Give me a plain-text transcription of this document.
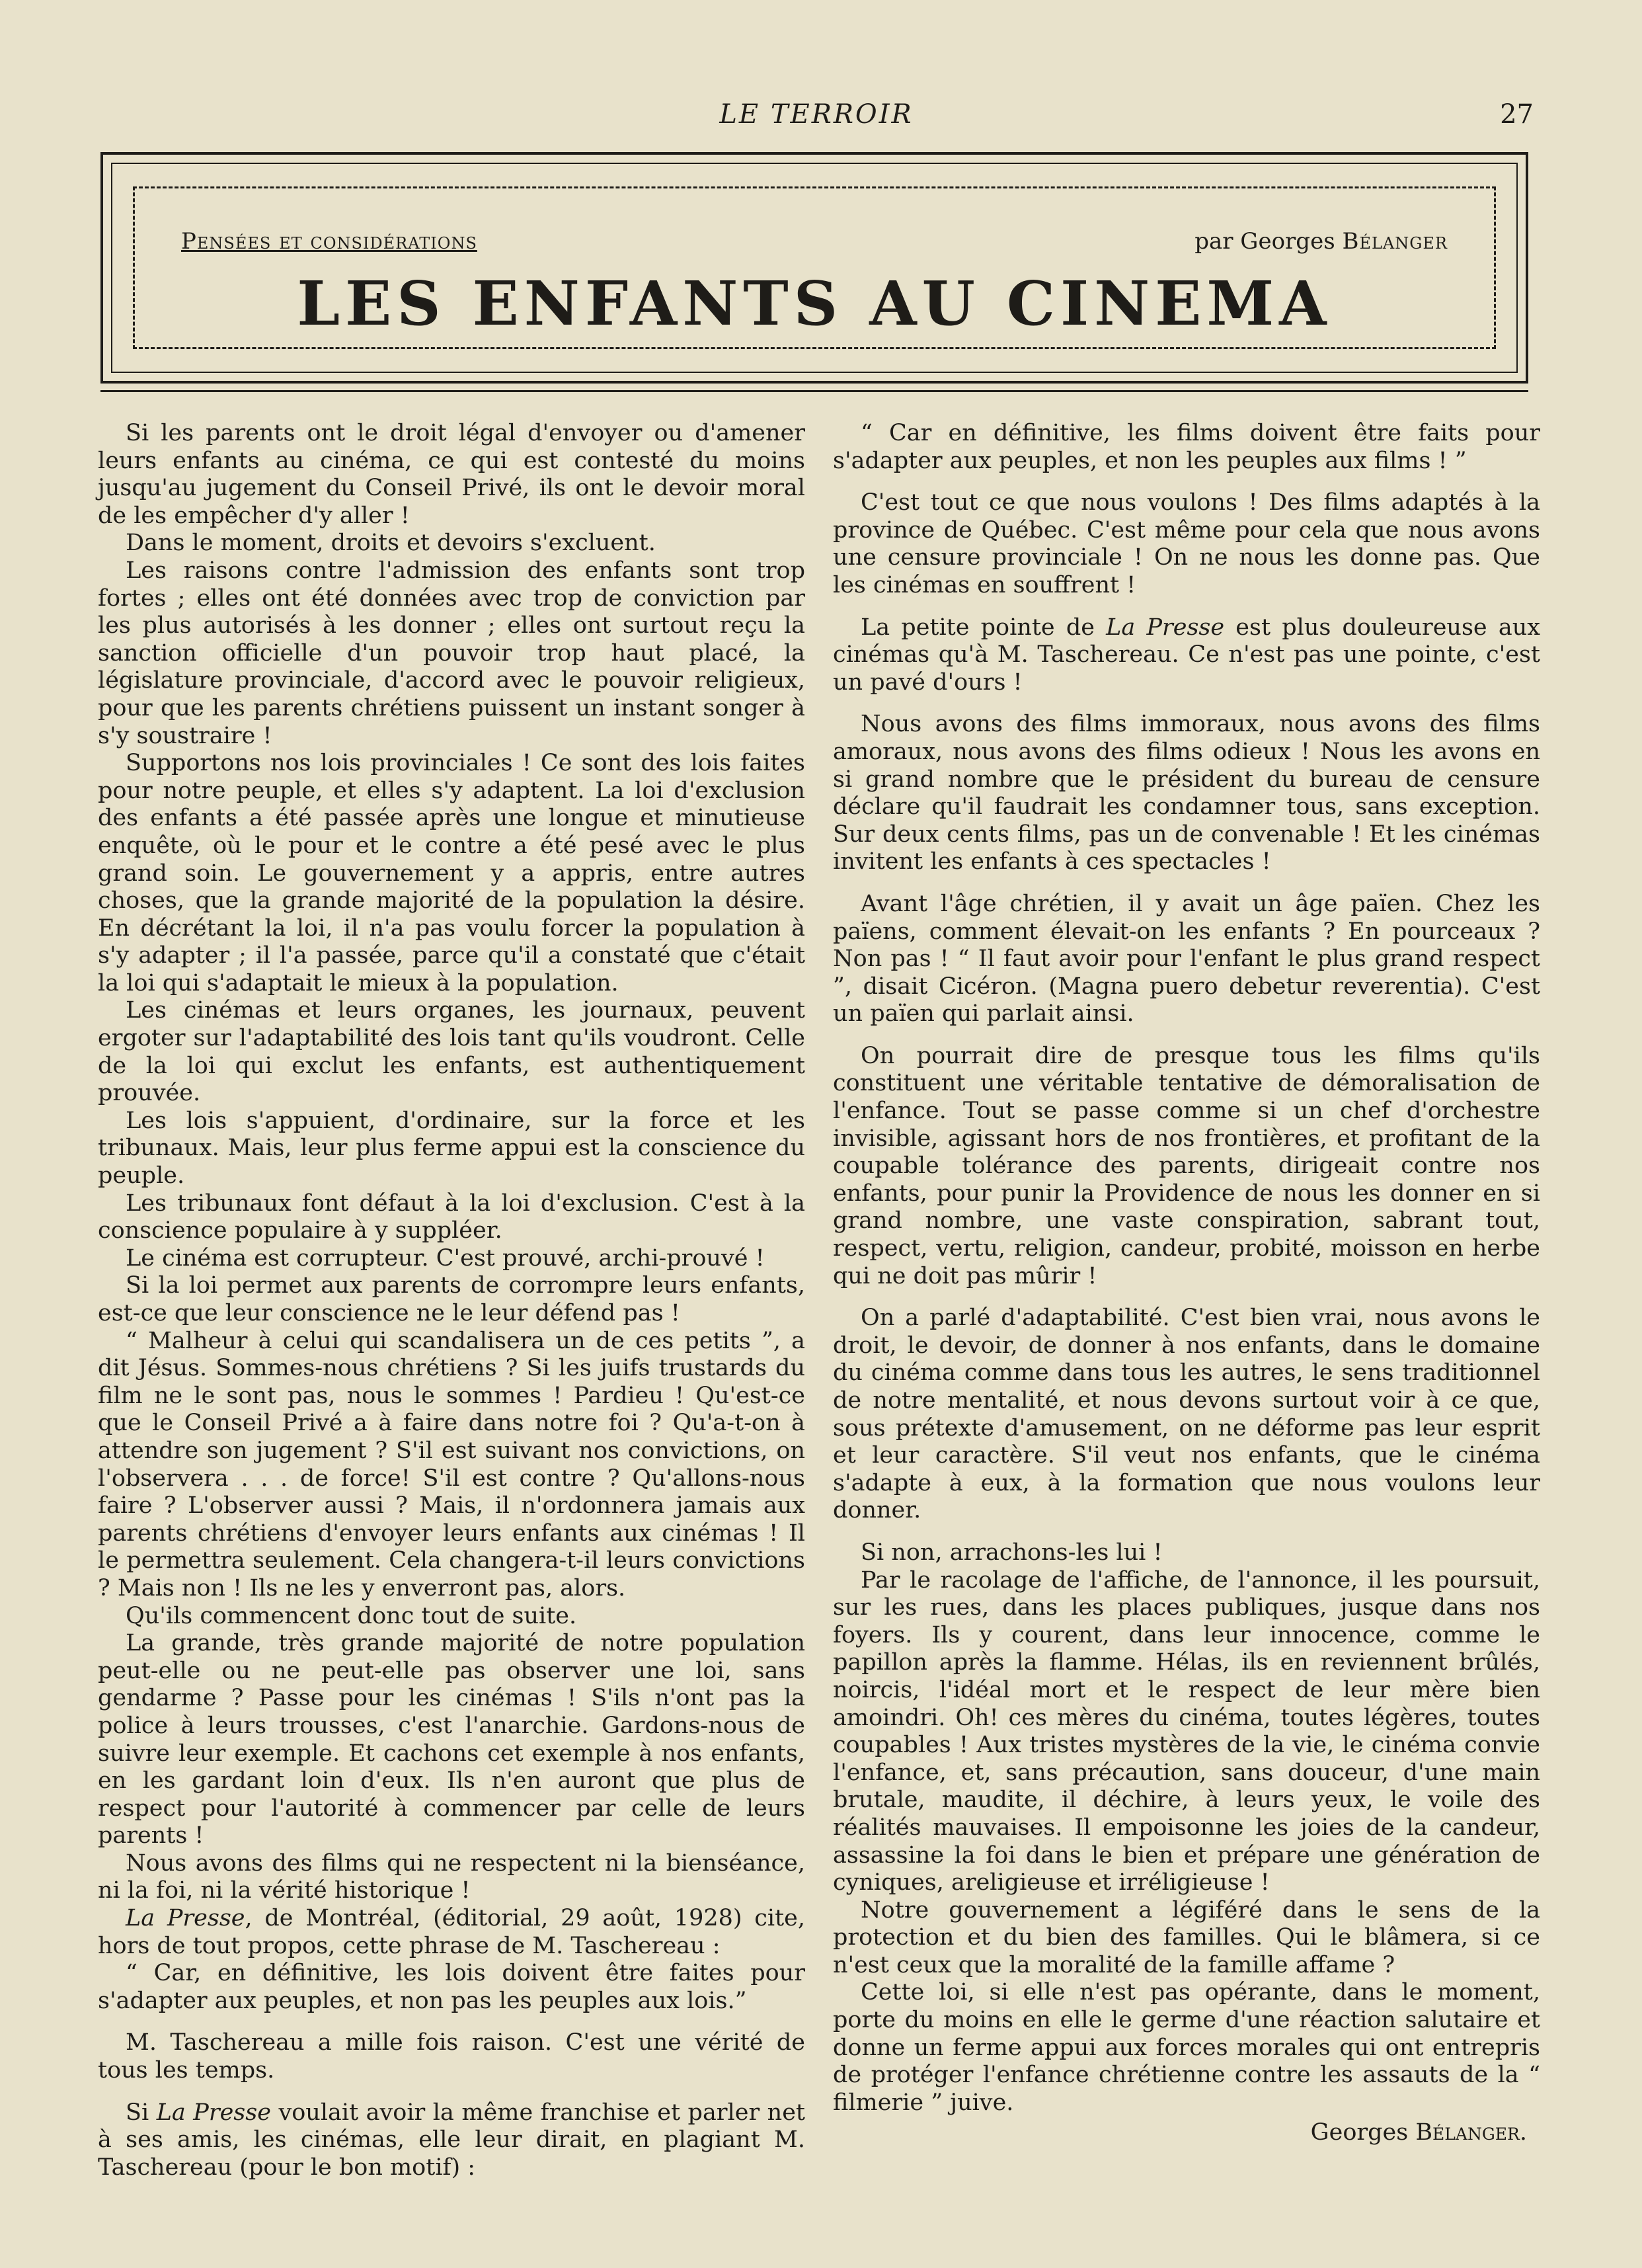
LE TERROIR	27
Pensées et considérations	par Georges Bélanger
LES ENFANTS AU CINEMA

Si les parents ont le droit légal d'envoyer ou d'amener leurs enfants au cinéma, ce qui est contesté du moins jusqu'au jugement du Conseil Privé, ils ont le devoir moral de les empêcher d'y aller !

Dans le moment, droits et devoirs s'excluent.

Les raisons contre l'admission des enfants sont trop fortes ; elles ont été données avec trop de conviction par les plus autorisés à les donner ; elles ont surtout reçu la sanction officielle d'un pouvoir trop haut placé, la législature provinciale, d'accord avec le pouvoir religieux, pour que les parents chrétiens puissent un instant songer à s'y soustraire !

Supportons nos lois provinciales ! Ce sont des lois faites pour notre peuple, et elles s'y adaptent. La loi d'exclusion des enfants a été passée après une longue et minutieuse enquête, où le pour et le contre a été pesé avec le plus grand soin. Le gouvernement y a appris, entre autres choses, que la grande majorité de la population la désire. En décrétant la loi, il n'a pas voulu forcer la population à s'y adapter ; il l'a passée, parce qu'il a constaté que c'était la loi qui s'adaptait le mieux à la population.

Les cinémas et leurs organes, les journaux, peuvent ergoter sur l'adaptabilité des lois tant qu'ils voudront. Celle de la loi qui exclut les enfants, est authentiquement prouvée.

Les lois s'appuient, d'ordinaire, sur la force et les tribunaux. Mais, leur plus ferme appui est la conscience du peuple.

Les tribunaux font défaut à la loi d'exclusion. C'est à la conscience populaire à y suppléer.

Le cinéma est corrupteur. C'est prouvé, archi-prouvé !

Si la loi permet aux parents de corrompre leurs enfants, est-ce que leur conscience ne le leur défend pas !

“ Malheur à celui qui scandalisera un de ces petits ”, a dit Jésus. Sommes-nous chrétiens ? Si les juifs trustards du film ne le sont pas, nous le sommes ! Pardieu ! Qu'est-ce que le Conseil Privé a à faire dans notre foi ? Qu'a-t-on à attendre son jugement ? S'il est suivant nos convictions, on l'observera . . . de force! S'il est contre ? Qu'allons-nous faire ? L'observer aussi ? Mais, il n'ordonnera jamais aux parents chrétiens d'envoyer leurs enfants aux cinémas ! Il le permettra seulement. Cela changera-t-il leurs convictions ? Mais non ! Ils ne les y enverront pas, alors.

Qu'ils commencent donc tout de suite.

La grande, très grande majorité de notre population peut-elle ou ne peut-elle pas observer une loi, sans gendarme ? Passe pour les cinémas ! S'ils n'ont pas la police à leurs trousses, c'est l'anarchie. Gardons-nous de suivre leur exemple. Et cachons cet exemple à nos enfants, en les gardant loin d'eux. Ils n'en auront que plus de respect pour l'autorité à commencer par celle de leurs parents !

Nous avons des films qui ne respectent ni la bienséance, ni la foi, ni la vérité historique !

La Presse, de Montréal, (éditorial, 29 août, 1928) cite, hors de tout propos, cette phrase de M. Taschereau :

“ Car, en définitive, les lois doivent être faites pour s'adapter aux peuples, et non pas les peuples aux lois.”

M. Taschereau a mille fois raison. C'est une vérité de tous les temps.

Si La Presse voulait avoir la même franchise et parler net à ses amis, les cinémas, elle leur dirait, en plagiant M. Taschereau (pour le bon motif) :

“ Car en définitive, les films doivent être faits pour s'adapter aux peuples, et non les peuples aux films ! ”

C'est tout ce que nous voulons ! Des films adaptés à la province de Québec. C'est même pour cela que nous avons une censure provinciale ! On ne nous les donne pas. Que les cinémas en souffrent !

La petite pointe de La Presse est plus douleureuse aux cinémas qu'à M. Taschereau. Ce n'est pas une pointe, c'est un pavé d'ours !

Nous avons des films immoraux, nous avons des films amoraux, nous avons des films odieux ! Nous les avons en si grand nombre que le président du bureau de censure déclare qu'il faudrait les condamner tous, sans exception. Sur deux cents films, pas un de convenable ! Et les cinémas invitent les enfants à ces spectacles !

Avant l'âge chrétien, il y avait un âge païen. Chez les païens, comment élevait-on les enfants ? En pourceaux ? Non pas ! “ Il faut avoir pour l'enfant le plus grand respect ”, disait Cicéron. (Magna puero debetur reverentia). C'est un païen qui parlait ainsi.

On pourrait dire de presque tous les films qu'ils constituent une véritable tentative de démoralisation de l'enfance. Tout se passe comme si un chef d'orchestre invisible, agissant hors de nos frontières, et profitant de la coupable tolérance des parents, dirigeait contre nos enfants, pour punir la Providence de nous les donner en si grand nombre, une vaste conspiration, sabrant tout, respect, vertu, religion, candeur, probité, moisson en herbe qui ne doit pas mûrir !

On a parlé d'adaptabilité. C'est bien vrai, nous avons le droit, le devoir, de donner à nos enfants, dans le domaine du cinéma comme dans tous les autres, le sens traditionnel de notre mentalité, et nous devons surtout voir à ce que, sous prétexte d'amusement, on ne déforme pas leur esprit et leur caractère. S'il veut nos enfants, que le cinéma s'adapte à eux, à la formation que nous voulons leur donner.

Si non, arrachons-les lui !

Par le racolage de l'affiche, de l'annonce, il les poursuit, sur les rues, dans les places publiques, jusque dans nos foyers. Ils y courent, dans leur innocence, comme le papillon après la flamme. Hélas, ils en reviennent brûlés, noircis, l'idéal mort et le respect de leur mère bien amoindri. Oh! ces mères du cinéma, toutes légères, toutes coupables ! Aux tristes mystères de la vie, le cinéma convie l'enfance, et, sans précaution, sans douceur, d'une main brutale, maudite, il déchire, à leurs yeux, le voile des réalités mauvaises. Il empoisonne les joies de la candeur, assassine la foi dans le bien et prépare une génération de cyniques, areligieuse et irréligieuse !

Notre gouvernement a légiféré dans le sens de la protection et du bien des familles. Qui le blâmera, si ce n'est ceux que la moralité de la famille affame ?

Cette loi, si elle n'est pas opérante, dans le moment, porte du moins en elle le germe d'une réaction salutaire et donne un ferme appui aux forces morales qui ont entrepris de protéger l'enfance chrétienne contre les assauts de la “ filmerie ” juive.

Georges Bélanger.
